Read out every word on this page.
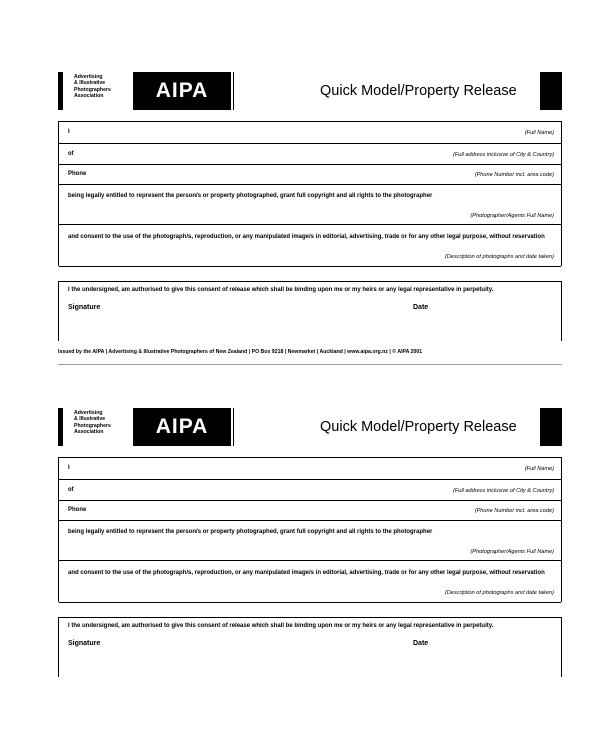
Advertising
& Illustrative
Photographers
Association	AIPA	Quick Model/Property Release
I	(Full Name)
of	(Full address inclusive of City & Country)
Phone	(Phone Number incl. area code)
being legally entitled to represent the person/s or property photographed, grant full copyright and all rights to the photographer
(Photographer/Agents Full Name)
and consent to the use of the photograph/s, reproduction, or any manipulated image/s in editorial, advertising, trade or for any other legal purpose, without reservation
(Description of photographs and date taken)
I the undersigned, am authorised to give this consent of release which shall be binding upon me or my heirs or any legal representative in perpetuity.
Signature	Date
Issued by the AIPA | Advertising & Illustrative Photographers of New Zealand | PO Box 9218 | Newmarket | Auckland | www.aipa.org.nz | © AIPA 2001
Advertising
& Illustrative
Photographers
Association	AIPA	Quick Model/Property Release
I	(Full Name)
of	(Full address inclusive of City & Country)
Phone	(Phone Number incl. area code)
being legally entitled to represent the person/s or property photographed, grant full copyright and all rights to the photographer
(Photographer/Agents Full Name)
and consent to the use of the photograph/s, reproduction, or any manipulated image/s in editorial, advertising, trade or for any other legal purpose, without reservation
(Description of photographs and date taken)
I the undersigned, am authorised to give this consent of release which shall be binding upon me or my heirs or any legal representative in perpetuity.
Signature	Date
